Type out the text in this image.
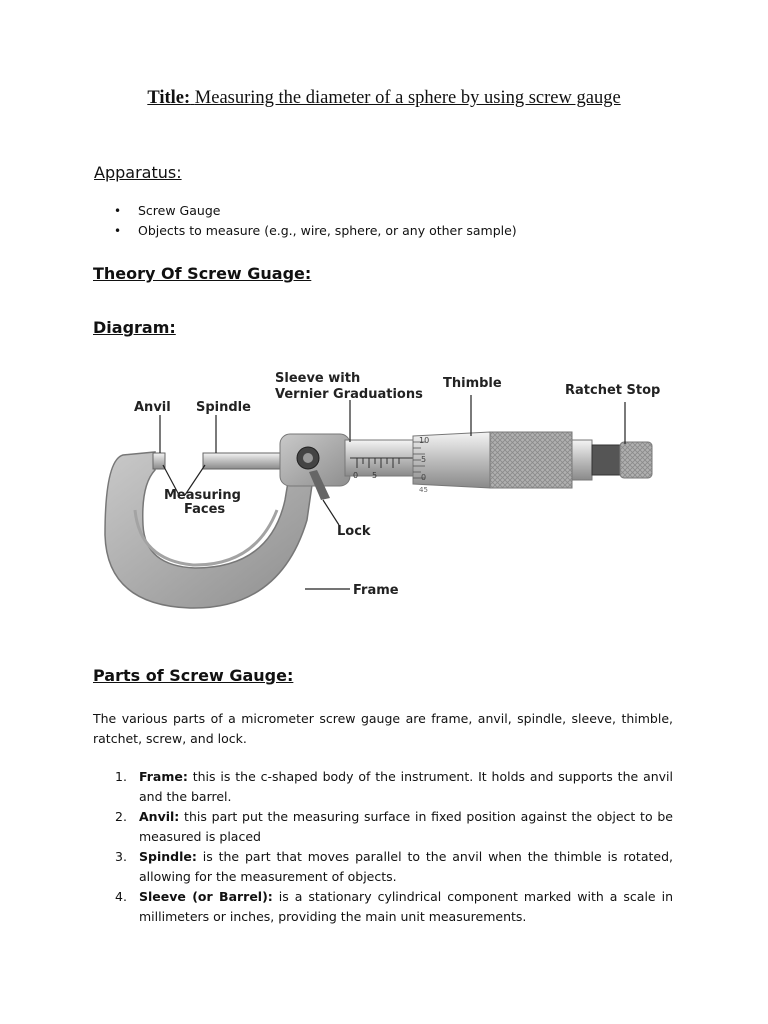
Title: Measuring the diameter of a sphere by using screw gauge
Apparatus:
• Screw Gauge
• Objects to measure (e.g., wire, sphere, or any other sample)
Theory Of Screw Guage:
Diagram:
0 5
10
5
0
45
Anvil Spindle
Sleeve with
Vernier Graduations
Thimble	Ratchet Stop
Measuring
Faces
Lock
Frame
Parts of Screw Gauge:
The various parts of a micrometer screw gauge are frame, anvil, spindle, sleeve, thimble, ratchet, screw, and lock.
1. Frame: this is the c-shaped body of the instrument. It holds and supports the anvil and the barrel.
2. Anvil: this part put the measuring surface in fixed position against the object to be measured is placed
3. Spindle: is the part that moves parallel to the anvil when the thimble is rotated, allowing for the measurement of objects.
4. Sleeve (or Barrel): is a stationary cylindrical component marked with a scale in millimeters or inches, providing the main unit measurements.
